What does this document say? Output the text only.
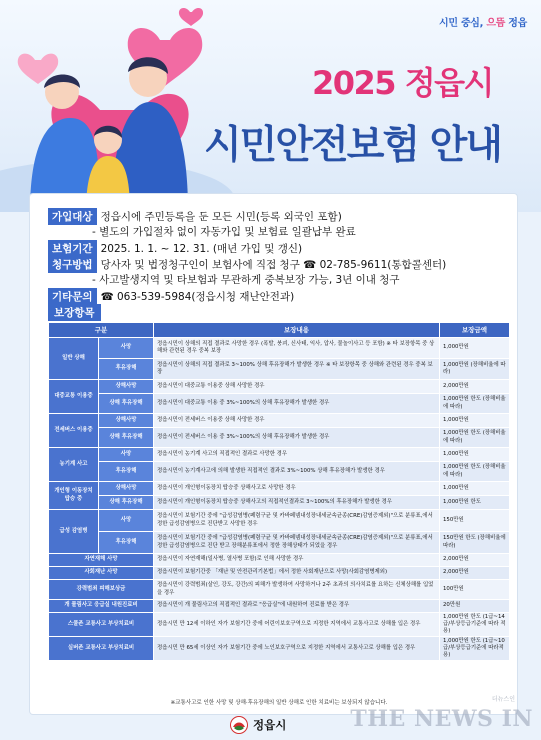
시민 중심, 으뜸 정읍
2025 정읍시
시민안전보험 안내
가입대상 정읍시에 주민등록을 둔 모든 시민(등록 외국인 포함)
- 별도의 가입절차 없이 자동가입 및 보험료 일괄납부 완료
보험기간 2025. 1. 1. ~ 12. 31. (매년 가입 및 갱신)
청구방법 당사자 및 법정청구인이 보험사에 직접 청구 ☎ 02-785-9611(통합콜센터)
- 사고발생지역 및 타보험과 무관하게 중복보장 가능, 3년 이내 청구
기타문의 ☎ 063-539-5984(정읍시청 재난안전과)
보장항목
구분		보장내용	보장금액
일반 상해	사망	정읍시민이 상해의 직접 결과로 사망한 경우 (폭발, 붕괴, 신사태, 익사, 압사, 물놀이사고 등 포함) ※ 타 보장항목 중 상해와 관련된 경우 중복 보장	1,000만원
	후유장해	정읍시민이 상해의 직접 결과로 3~100% 상해 후유장해가 발생한 경우 ※ 타 보장항목 중 상해와 관련된 경우 중복 보장	1,000만원 (장해비율에 따라)
대중교통 이용중	상해사망	정읍시민이 대중교통 이용중 상해 사망한 경우	2,000만원
	상해 후유장해	정읍시민이 대중교통 이용 중 3%~100%의 상해 후유장해가 발생한 경우	1,000만원 한도 (장해비율에 따라)
전세버스 이용중	상해사망	정읍시민이 전세버스 이용중 상해 사망한 경우	1,000만원
	상해 후유장해	정읍시민이 전세버스 이용 중 3%~100%의 상해 후유장해가 발생한 경우	1,000만원 한도 (장해비율에 따라)
농기계 사고	사망	정읍시민이 농기계 사고의 직접적인 결과로 사망한 경우	1,000만원
	후유장해	정읍시민이 농기계사고에 의해 발생한 직접적인 결과로 3%~100% 상해 후유장해가 발생한 경우	1,000만원 한도 (장해비율에 따라)
개인형 이동장치 탑승 중	상해사망	정읍시민이 개인형이동장치 탑승중 상해사고로 사망한 경우	1,000만원
	상해 후유장해	정읍시민이 개인형이동장치 탑승중 상해사고의 직접적인결과로 3~100%의 후유장해가 발생한 경우	1,000만원 한도
급성 감염병	사망	정읍시민이 보험기간 중에 "급성감염병(폐렴구균 및 카바페넴내성장내세균속균종(CRE)감염증제외)"으로 분류표,에서 정한 급성감염병으로 진단받고 사망한 경우	150만원
	후유장해	정읍시민이 보험기간 중에 "급성감염병(폐렴구균 및 카바페넴내성장내세균속균종(CRE)감염증제외)"으로 분류표,에서 정한 급성감염병으로 진단 받고 장해분류표에서 정한 장해상태가 되었을 경우	150만원 한도 (장해비율에 따라)
자연재해 사망		정읍시민이 자연재해(일사병, 열사병 포함)로 인해 사망한 경우	2,000만원
사회재난 사망		정읍시민이 보험기간중 「재난 및 안전관리기본법」에서 정한 사회재난으로 사망(사회감염병제외)	2,000만원
강력범죄 피해보상금		정읍시민이 강력범죄(살인, 강도, 강간)의 피해가 발생하여 사망하거나 2주 초과의 의사치료를 요하는 신체상해를 입었을 경우	100만원
개 물림사고 응급실 내원진료비		정읍시민이 개 물림사고의 직접적인 결과로 "응급실"에 내원하여 진료를 받은 경우	20만원
스쿨존 교통사고 부상치료비		정읍시민 만 12세 이하인 자가 보험기간 중에 어린이보호구역으로 지정한 지역에서 교통사고로 상해를 입은 경우	1,000만원 한도 (1급~14급/부상등급기준에 따라 적용)
실버존 교통사고 부상치료비		정읍시민 만 65세 이상인 자가 보험기간 중에 노인보호구역으로 지정한 지역에서 교통사고로 상해를 입은 경우	1,000만원 한도 (1급~10급/부상등급기준에 따라적용)
※교통사고로 인한 사망 및 상해·후유장해의 일반 상해로 인한 치료비는 보상되지 않습니다.
정읍시
더뉴스인
THE NEWS IN
